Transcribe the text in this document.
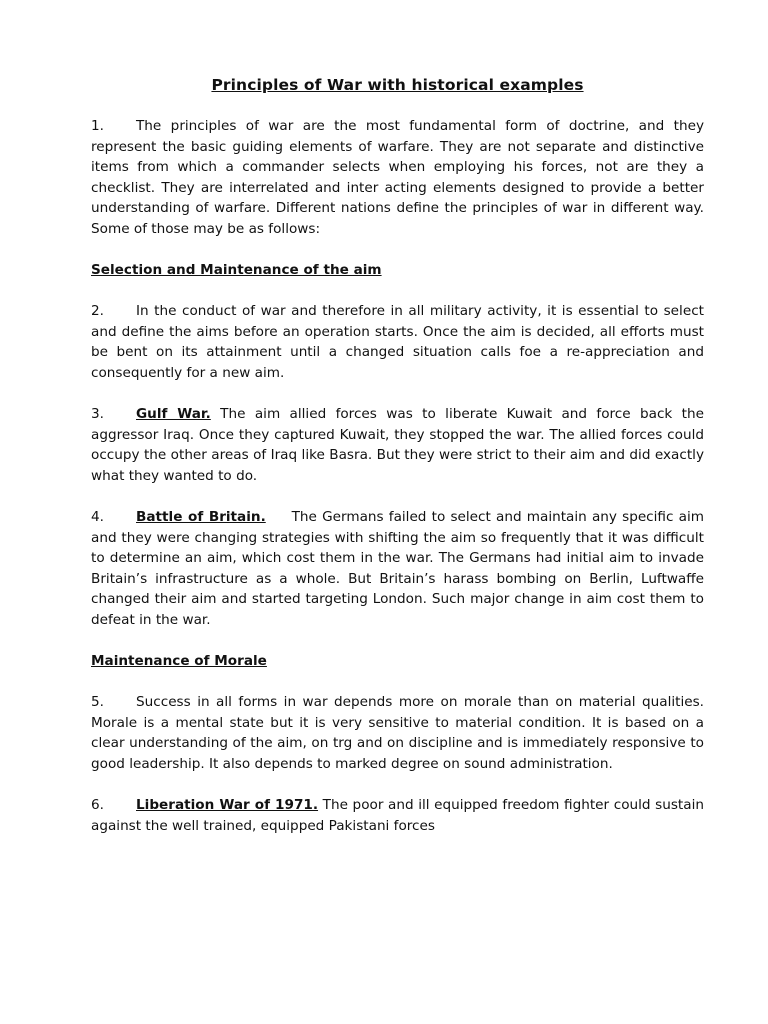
Principles of War with historical examples

1. The principles of war are the most fundamental form of doctrine, and they represent the basic guiding elements of warfare. They are not separate and distinctive items from which a commander selects when employing his forces, not are they a checklist. They are interrelated and inter acting elements designed to provide a better understanding of warfare. Different nations define the principles of war in different way. Some of those may be as follows:

Selection and Maintenance of the aim

2. In the conduct of war and therefore in all military activity, it is essential to select and define the aims before an operation starts. Once the aim is decided, all efforts must be bent on its attainment until a changed situation calls foe a re-appreciation and consequently for a new aim.

3. Gulf War. The aim allied forces was to liberate Kuwait and force back the aggressor Iraq. Once they captured Kuwait, they stopped the war. The allied forces could occupy the other areas of Iraq like Basra. But they were strict to their aim and did exactly what they wanted to do.

4. Battle of Britain.     The Germans failed to select and maintain any specific aim and they were changing strategies with shifting the aim so frequently that it was difficult to determine an aim, which cost them in the war. The Germans had initial aim to invade Britain’s infrastructure as a whole. But Britain’s harass bombing on Berlin, Luftwaffe changed their aim and started targeting London. Such major change in aim cost them to defeat in the war.

Maintenance of Morale

5. Success in all forms in war depends more on morale than on material qualities. Morale is a mental state but it is very sensitive to material condition. It is based on a clear understanding of the aim, on trg and on discipline and is immediately responsive to good leadership. It also depends to marked degree on sound administration.

6. Liberation War of 1971. The poor and ill equipped freedom fighter could sustain against the well trained, equipped Pakistani forces
